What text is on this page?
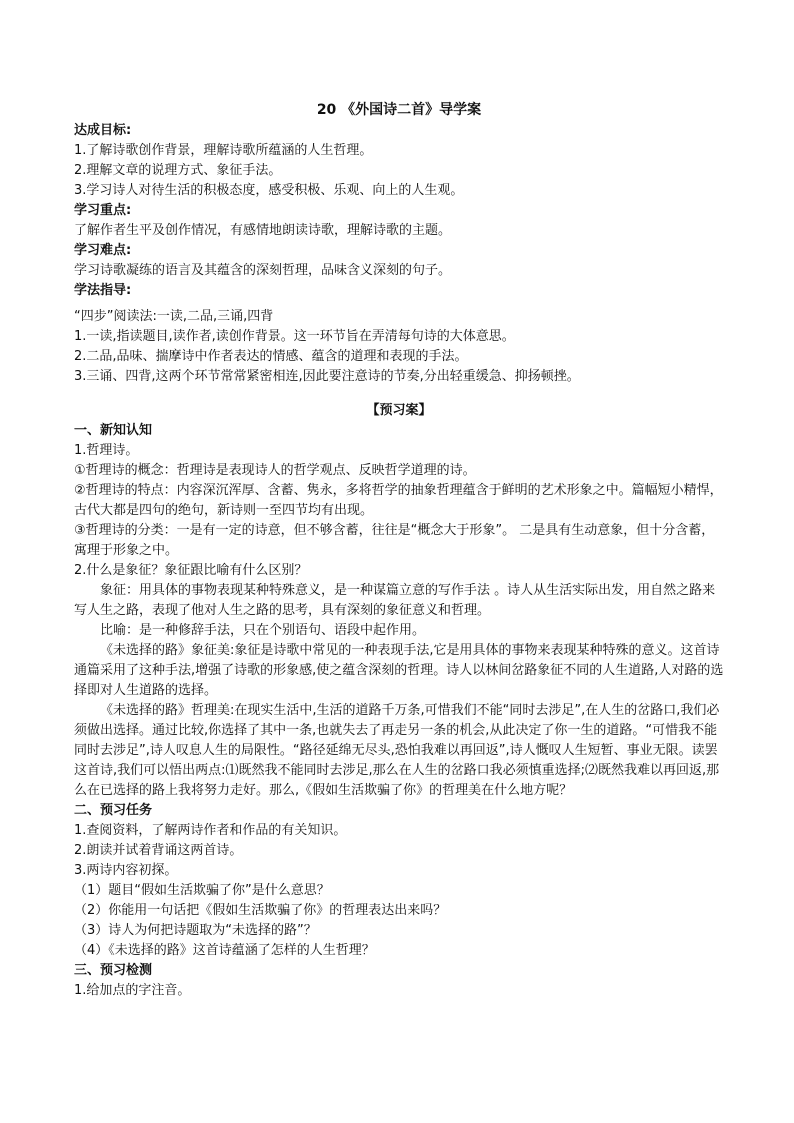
20 《外国诗二首》导学案
达成目标:
1.了解诗歌创作背景，理解诗歌所蕴涵的人生哲理。
2.理解文章的说理方式、象征手法。
3.学习诗人对待生活的积极态度，感受积极、乐观、向上的人生观。
学习重点:
了解作者生平及创作情况，有感情地朗读诗歌，理解诗歌的主题。
学习难点:
学习诗歌凝练的语言及其蕴含的深刻哲理，品味含义深刻的句子。
学法指导:
“四步”阅读法:一读,二品,三诵,四背
1.一读,指读题目,读作者,读创作背景。这一环节旨在弄清每句诗的大体意思。
2.二品,品味、揣摩诗中作者表达的情感、蕴含的道理和表现的手法。
3.三诵、四背,这两个环节常常紧密相连,因此要注意诗的节奏,分出轻重缓急、抑扬顿挫。
【预习案】
一、新知认知
1.哲理诗。
①哲理诗的概念：哲理诗是表现诗人的哲学观点、反映哲学道理的诗。
②哲理诗的特点：内容深沉浑厚、含蓄、隽永，多将哲学的抽象哲理蕴含于鲜明的艺术形象之中。篇幅短小精悍，古代大都是四句的绝句，新诗则一至四节均有出现。
③哲理诗的分类：一是有一定的诗意，但不够含蓄，往往是“概念大于形象”。 二是具有生动意象，但十分含蓄，寓理于形象之中。
2.什么是象征？象征跟比喻有什么区别？
象征：用具体的事物表现某种特殊意义，是一种谋篇立意的写作手法 。诗人从生活实际出发，用自然之路来写人生之路，表现了他对人生之路的思考，具有深刻的象征意义和哲理。
比喻：是一种修辞手法，只在个别语句、语段中起作用。
《未选择的路》象征美:象征是诗歌中常见的一种表现手法,它是用具体的事物来表现某种特殊的意义。这首诗通篇采用了这种手法,增强了诗歌的形象感,使之蕴含深刻的哲理。诗人以林间岔路象征不同的人生道路,人对路的选择即对人生道路的选择。
《未选择的路》哲理美:在现实生活中,生活的道路千万条,可惜我们不能“同时去涉足”,在人生的岔路口,我们必须做出选择。通过比较,你选择了其中一条,也就失去了再走另一条的机会,从此决定了你一生的道路。“可惜我不能同时去涉足”,诗人叹息人生的局限性。“路径延绵无尽头,恐怕我难以再回返”,诗人慨叹人生短暂、事业无限。读罢这首诗,我们可以悟出两点:⑴既然我不能同时去涉足,那么在人生的岔路口我必须慎重选择;⑵既然我难以再回返,那么在已选择的路上我将努力走好。那么,《假如生活欺骗了你》的哲理美在什么地方呢？
二、预习任务
1.查阅资料，了解两诗作者和作品的有关知识。
2.朗读并试着背诵这两首诗。
3.两诗内容初探。
（1）题目“假如生活欺骗了你”是什么意思？
（2）你能用一句话把《假如生活欺骗了你》的哲理表达出来吗？
（3）诗人为何把诗题取为“未选择的路”？
（4）《未选择的路》这首诗蕴涵了怎样的人生哲理？
三、预习检测
1.给加点的字注音。
